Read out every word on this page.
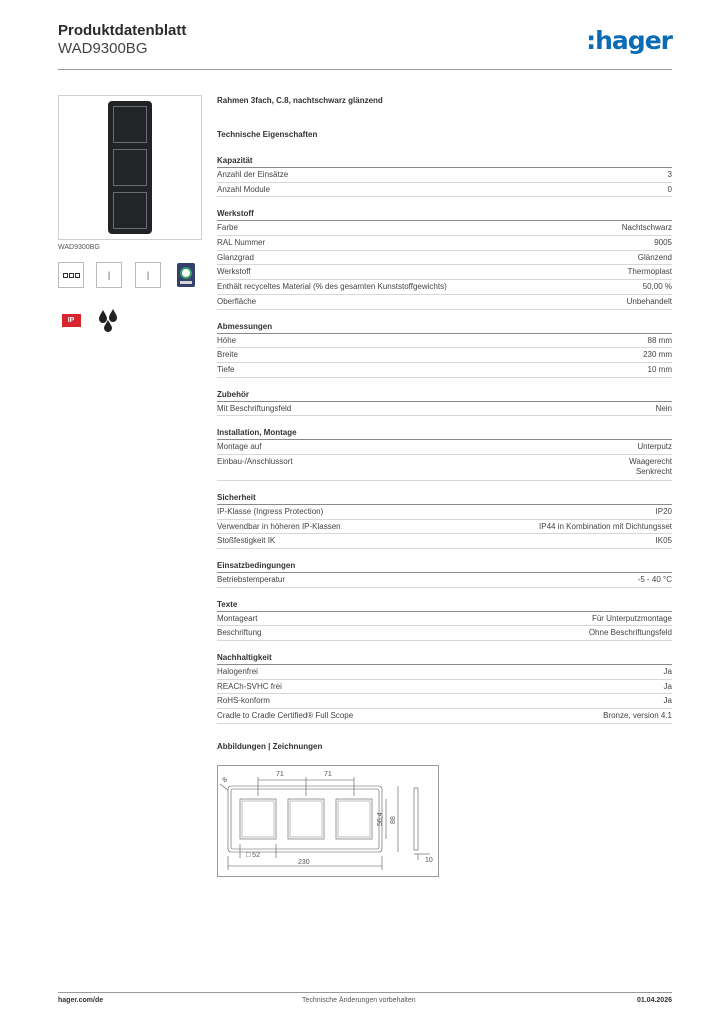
Produktdatenblatt
WAD9300BG	:hager
WAD9300BG
|	|
IP
Rahmen 3fach, C.8, nachtschwarz glänzend
Technische Eigenschaften
Kapazität
Anzahl der Einsätze	3
Anzahl Module	0
Werkstoff
Farbe	Nachtschwarz
RAL Nummer	9005
Glanzgrad	Glänzend
Werkstoff	Thermoplast
Enthält recyceltes Material (% des gesamten Kunststoffgewichts)	50,00 %
Oberfläche	Unbehandelt
Abmessungen
Höhe	88 mm
Breite	230 mm
Tiefe	10 mm
Zubehör
Mit Beschriftungsfeld	Nein
Installation, Montage
Montage auf	Unterputz
Einbau-/Anschlussort	Waagerecht
Senkrecht
Sicherheit
IP-Klasse (Ingress Protection)	IP20
Verwendbar in höheren IP-Klassen	IP44 in Kombination mit Dichtungsset
Stoßfestigkeit IK	IK05
Einsatzbedingungen
Betriebstemperatur	-5 - 40 °C
Texte
Montageart	Für Unterputzmontage
Beschriftung	Ohne Beschriftungsfeld
Nachhaltigkeit
Halogenfrei	Ja
REACh-SVHC frei	Ja
RoHS-konform	Ja
Cradle to Cradle Certified® Full Scope	Bronze, version 4.1
Abbildungen | Zeichnungen
8
71	71
56,4 88
□ 52
230	10
hager.com/de	Technische Änderungen vorbehalten	01.04.2026
